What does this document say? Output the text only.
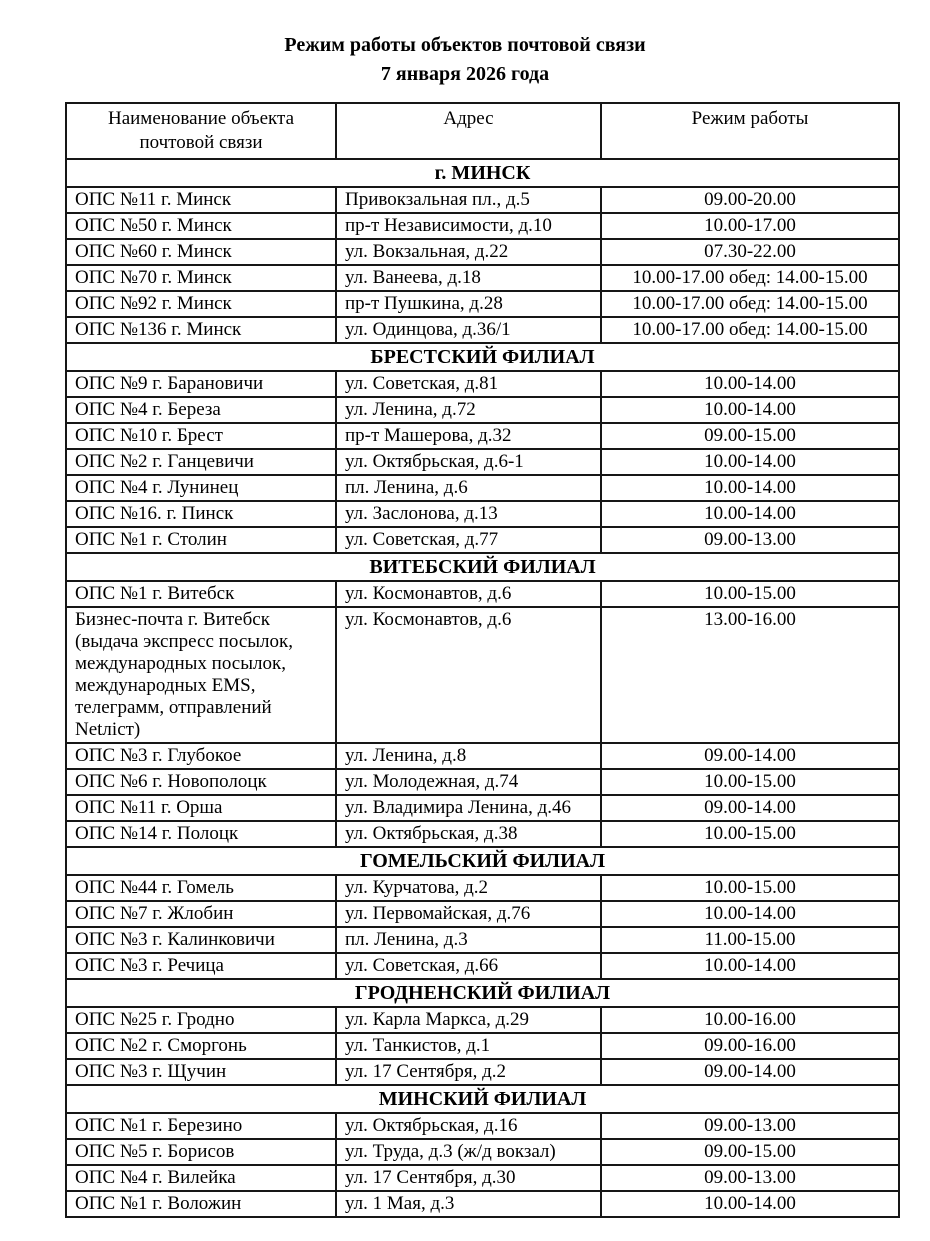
Режим работы объектов почтовой связи
7 января 2026 года
Наименование объекта почтовой связи	Адрес	Режим работы
г. МИНСК		
ОПС №11 г. Минск	Привокзальная пл., д.5	09.00-20.00
ОПС №50 г. Минск	пр-т Независимости, д.10	10.00-17.00
ОПС №60 г. Минск	ул. Вокзальная, д.22	07.30-22.00
ОПС №70 г. Минск	ул. Ванеева, д.18	10.00-17.00 обед: 14.00-15.00
ОПС №92 г. Минск	пр-т Пушкина, д.28	10.00-17.00 обед: 14.00-15.00
ОПС №136 г. Минск	ул. Одинцова, д.36/1	10.00-17.00 обед: 14.00-15.00
БРЕСТСКИЙ ФИЛИАЛ		
ОПС №9 г. Барановичи	ул. Советская, д.81	10.00-14.00
ОПС №4 г. Береза	ул. Ленина, д.72	10.00-14.00
ОПС №10 г. Брест	пр-т Машерова, д.32	09.00-15.00
ОПС №2 г. Ганцевичи	ул. Октябрьская, д.6-1	10.00-14.00
ОПС №4 г. Лунинец	пл. Ленина, д.6	10.00-14.00
ОПС №16. г. Пинск	ул. Заслонова, д.13	10.00-14.00
ОПС №1 г. Столин	ул. Советская, д.77	09.00-13.00
ВИТЕБСКИЙ ФИЛИАЛ		
ОПС №1 г. Витебск	ул. Космонавтов, д.6	10.00-15.00
Бизнес-почта г. Витебск (выдача экспресс посылок, международных посылок, международных EMS, телеграмм, отправлений Netліст)	ул. Космонавтов, д.6	13.00-16.00
ОПС №3 г. Глубокое	ул. Ленина, д.8	09.00-14.00
ОПС №6 г. Новополоцк	ул. Молодежная, д.74	10.00-15.00
ОПС №11 г. Орша	ул. Владимира Ленина, д.46	09.00-14.00
ОПС №14 г. Полоцк	ул. Октябрьская, д.38	10.00-15.00
ГОМЕЛЬСКИЙ ФИЛИАЛ		
ОПС №44 г. Гомель	ул. Курчатова, д.2	10.00-15.00
ОПС №7 г. Жлобин	ул. Первомайская, д.76	10.00-14.00
ОПС №3 г. Калинковичи	пл. Ленина, д.3	11.00-15.00
ОПС №3 г. Речица	ул. Советская, д.66	10.00-14.00
ГРОДНЕНСКИЙ ФИЛИАЛ		
ОПС №25 г. Гродно	ул. Карла Маркса, д.29	10.00-16.00
ОПС №2 г. Сморгонь	ул. Танкистов, д.1	09.00-16.00
ОПС №3 г. Щучин	ул. 17 Сентября, д.2	09.00-14.00
МИНСКИЙ ФИЛИАЛ		
ОПС №1 г. Березино	ул. Октябрьская, д.16	09.00-13.00
ОПС №5 г. Борисов	ул. Труда, д.3 (ж/д вокзал)	09.00-15.00
ОПС №4 г. Вилейка	ул. 17 Сентября, д.30	09.00-13.00
ОПС №1 г. Воложин	ул. 1 Мая, д.3	10.00-14.00
